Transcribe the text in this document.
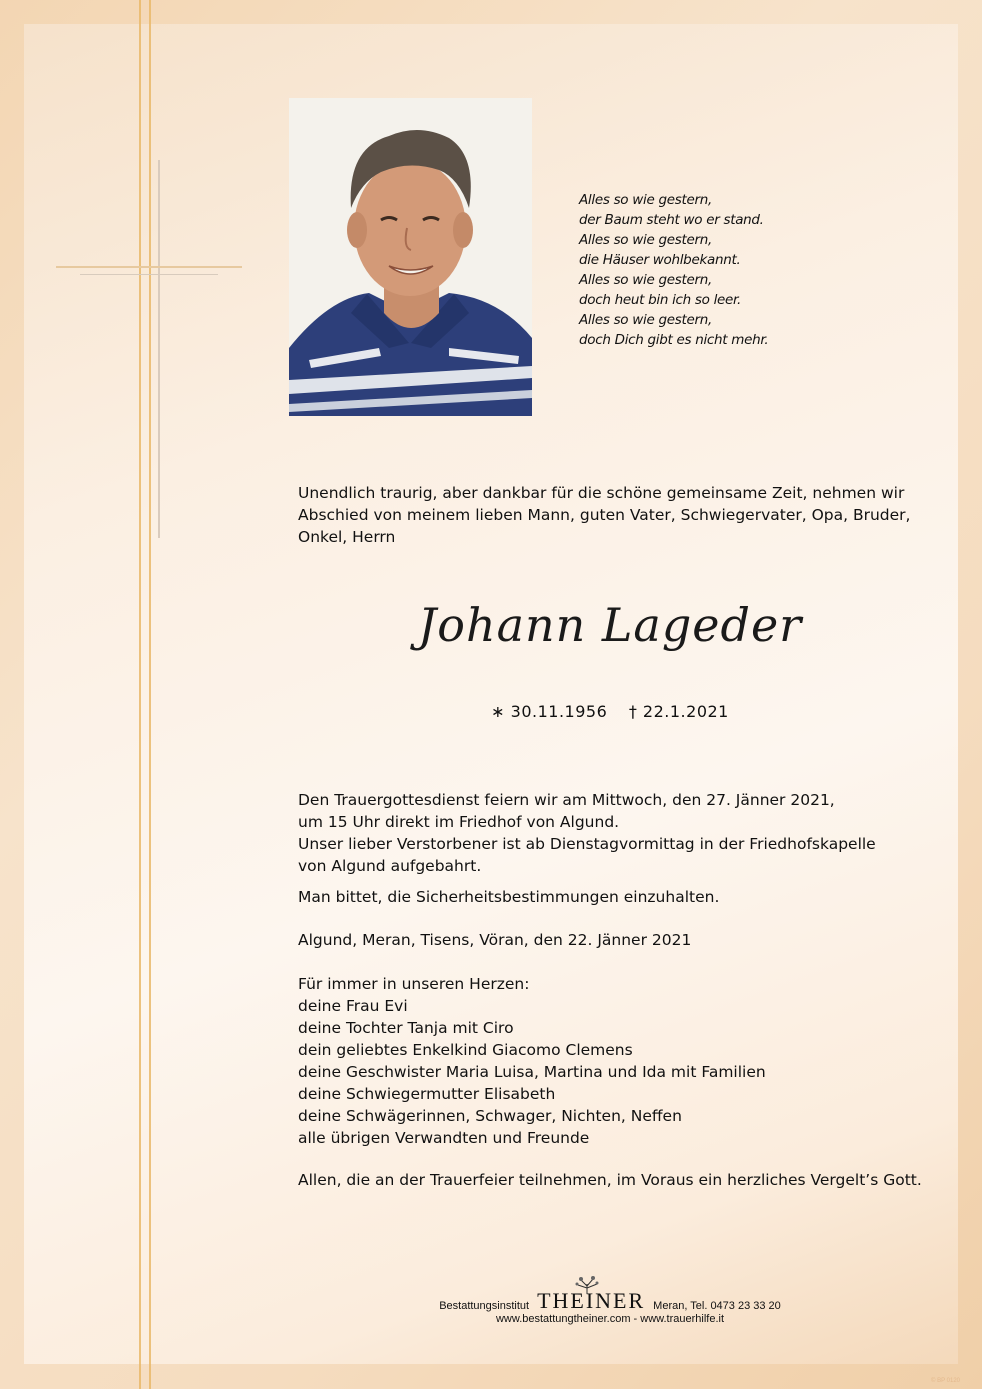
Alles so wie gestern,
der Baum steht wo er stand.
Alles so wie gestern,
die Häuser wohlbekannt.
Alles so wie gestern,
doch heut bin ich so leer.
Alles so wie gestern,
doch Dich gibt es nicht mehr.
Unendlich traurig, aber dankbar für die schöne gemeinsame Zeit, nehmen wir
Abschied von meinem lieben Mann, guten Vater, Schwiegervater, Opa, Bruder,
Onkel, Herrn
Johann Lageder
∗ 30.11.1956 † 22.1.2021
Den Trauergottesdienst feiern wir am Mittwoch, den 27. Jänner 2021,
um 15 Uhr direkt im Friedhof von Algund.
Unser lieber Verstorbener ist ab Dienstagvormittag in der Friedhofskapelle
von Algund aufgebahrt.
Man bittet, die Sicherheitsbestimmungen einzuhalten.
Algund, Meran, Tisens, Vöran, den 22. Jänner 2021
Für immer in unseren Herzen:
deine Frau Evi
deine Tochter Tanja mit Ciro
dein geliebtes Enkelkind Giacomo Clemens
deine Geschwister Maria Luisa, Martina und Ida mit Familien
deine Schwiegermutter Elisabeth
deine Schwägerinnen, Schwager, Nichten, Neffen
alle übrigen Verwandten und Freunde
Allen, die an der Trauerfeier teilnehmen, im Voraus ein herzliches Vergelt’s Gott.
Bestattungsinstitut THEINER Meran, Tel. 0473 23 33 20
www.bestattungtheiner.com - www.trauerhilfe.it
© BP 0120
